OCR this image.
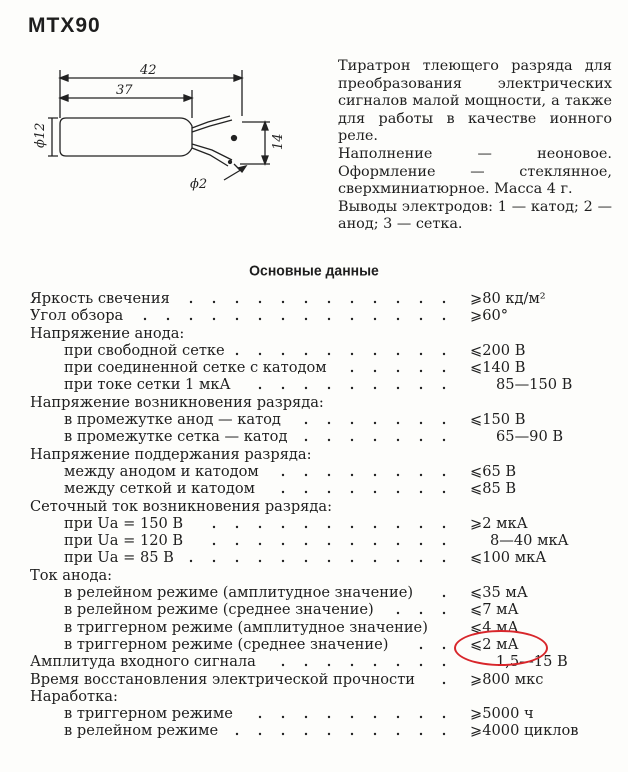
МТХ90
42
37
ϕ12	14
ϕ2

Тиратрон тлеющего разряда для преобразования электрических сигналов малой мощности, а также для работы в качестве ионного реле.

Наполнение — неоновое. Оформление — стеклянное, сверхминиатюрное. Масса 4 г.

Выводы электродов: 1 — катод; 2 — анод; 3 — сетка.

Основные данные
Яркость свечения	⩾80 кд/м²
Угол обзора	⩾60°
Напряжение анода:
при свободной сетке	⩽200 В
при соединенной сетке с катодом	⩽140 В
при токе сетки 1 мкА	85—150 В
Напряжение возникновения разряда:
в промежутке анод — катод	⩽150 В
в промежутке сетка — катод	65—90 В
Напряжение поддержания разряда:
между анодом и катодом	⩽65 В
между сеткой и катодом	⩽85 В
Сеточный ток возникновения разряда:
при Uа = 150 В	⩾2 мкА
при Uа = 120 В	8—40 мкА
при Uа = 85 В	⩽100 мкА
Ток анода:
в релейном режиме (амплитудное значение)	⩽35 мА
в релейном режиме (среднее значение)	⩽7 мА
в триггерном режиме (амплитудное значение)	⩽4 мА
в триггерном режиме (среднее значение)	⩽2 мА
Амплитуда входного сигнала	1,5—15 В
Время восстановления электрической прочности	⩾800 мкс
Наработка:
в триггерном режиме	⩾5000 ч
в релейном режиме	⩾4000 циклов
